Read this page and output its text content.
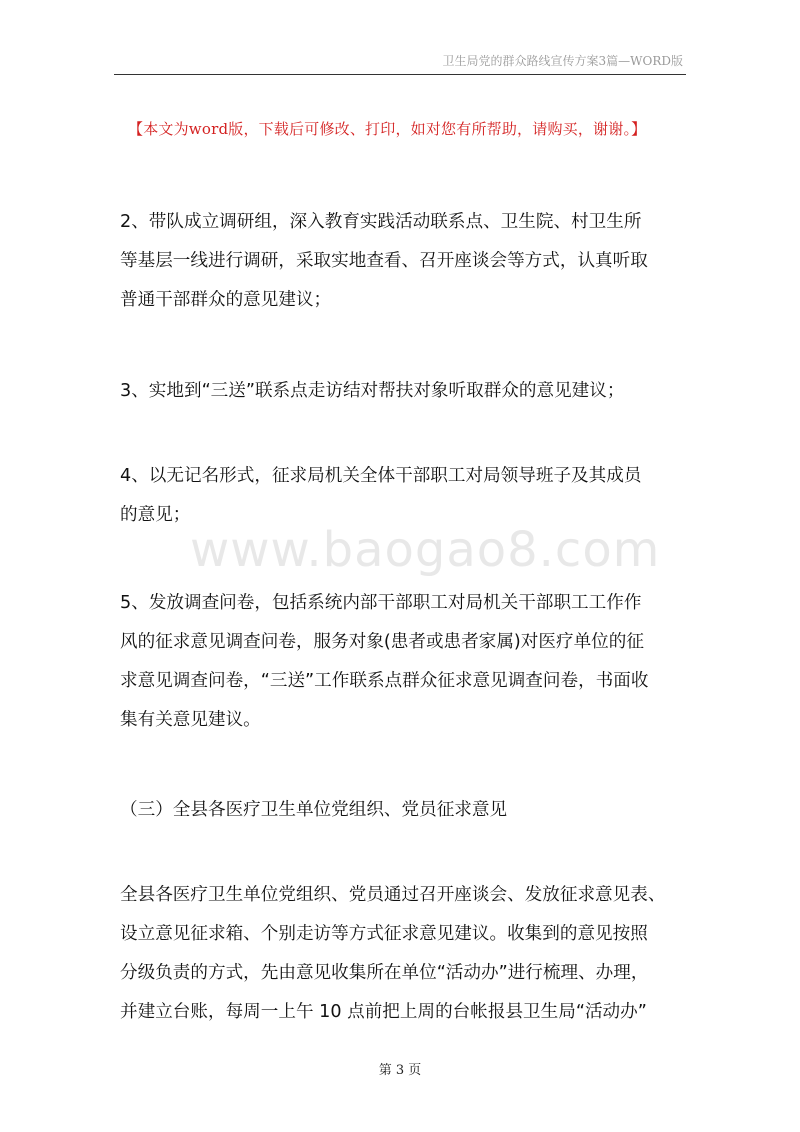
卫生局党的群众路线宣传方案3篇—WORD版
【本文为word版，下载后可修改、打印，如对您有所帮助，请购买，谢谢。】
www.baogao8.com

2、带队成立调研组，深入教育实践活动联系点、卫生院、村卫生所
等基层一线进行调研，采取实地查看、召开座谈会等方式，认真听取
普通干部群众的意见建议；

3、实地到“三送”联系点走访结对帮扶对象听取群众的意见建议；

4、以无记名形式，征求局机关全体干部职工对局领导班子及其成员
的意见；

5、发放调查问卷，包括系统内部干部职工对局机关干部职工工作作
风的征求意见调查问卷，服务对象(患者或患者家属)对医疗单位的征
求意见调查问卷，“三送”工作联系点群众征求意见调查问卷，书面收
集有关意见建议。

（三）全县各医疗卫生单位党组织、党员征求意见

全县各医疗卫生单位党组织、党员通过召开座谈会、发放征求意见表、
设立意见征求箱、个别走访等方式征求意见建议。收集到的意见按照
分级负责的方式，先由意见收集所在单位“活动办”进行梳理、办理，
并建立台账，每周一上午 10 点前把上周的台帐报县卫生局“活动办”

第 3 页
